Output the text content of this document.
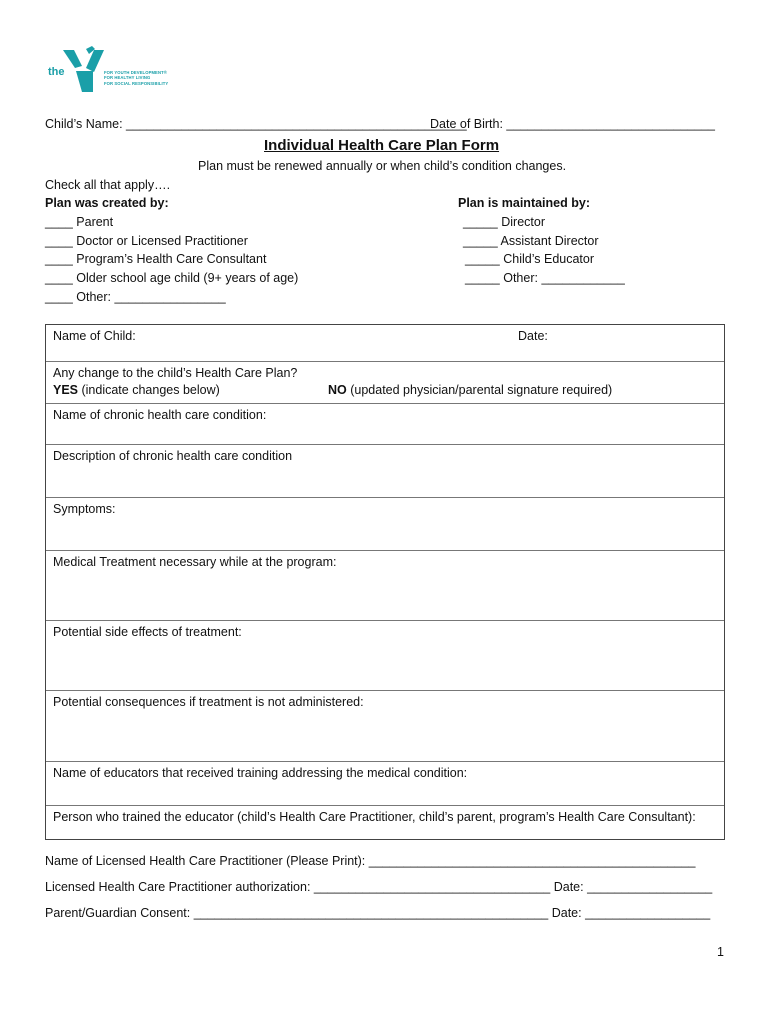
the	FOR YOUTH DEVELOPMENT®
FOR HEALTHY LIVING
FOR SOCIAL RESPONSIBILITY
Child’s Name: _________________________________________________
Date of Birth: ______________________________
Individual Health Care Plan Form
Plan must be renewed annually or when child’s condition changes.
Check all that apply….
Plan was created by:
____ Parent
____ Doctor or Licensed Practitioner
____ Program’s Health Care Consultant
____ Older school age child (9+ years of age)
____ Other: ________________
Plan is maintained by:
_____ Director
_____ Assistant Director
_____ Child’s Educator
_____ Other: ____________
Name of Child:	Date:
Any change to the child’s Health Care Plan?
YES (indicate changes below)	NO (updated physician/parental signature required)
Name of chronic health care condition:
Description of chronic health care condition
Symptoms:
Medical Treatment necessary while at the program:
Potential side effects of treatment:
Potential consequences if treatment is not administered:
Name of educators that received training addressing the medical condition:
Person who trained the educator (child’s Health Care Practitioner, child’s parent, program’s Health Care Consultant):
Name of Licensed Health Care Practitioner (Please Print): _______________________________________________
Licensed Health Care Practitioner authorization: __________________________________ Date: __________________
Parent/Guardian Consent: ___________________________________________________ Date: __________________
1
